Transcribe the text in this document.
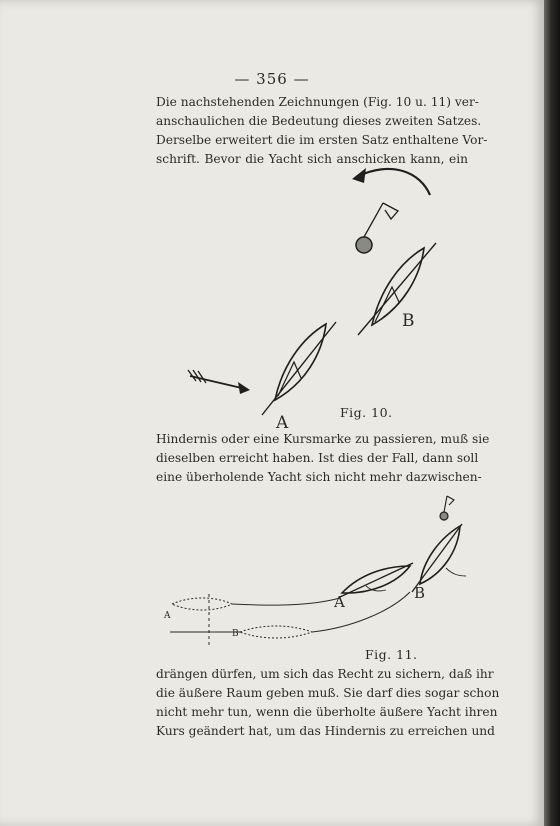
— 356 —
Die nachstehenden Zeichnungen (Fig. 10 u. 11) ver-
anschaulichen die Bedeutung dieses zweiten Satzes.
Derselbe erweitert die im ersten Satz enthaltene Vor-
schrift. Bevor die Yacht sich anschicken kann, ein
B
A
A
B
A	B
Fig. 10.
Hindernis oder eine Kursmarke zu passieren, muß sie
dieselben erreicht haben. Ist dies der Fall, dann soll
eine überholende Yacht sich nicht mehr dazwischen-
Fig. 11.
drängen dürfen, um sich das Recht zu sichern, daß ihr
die äußere Raum geben muß. Sie darf dies sogar schon
nicht mehr tun, wenn die überholte äußere Yacht ihren
Kurs geändert hat, um das Hindernis zu erreichen und
